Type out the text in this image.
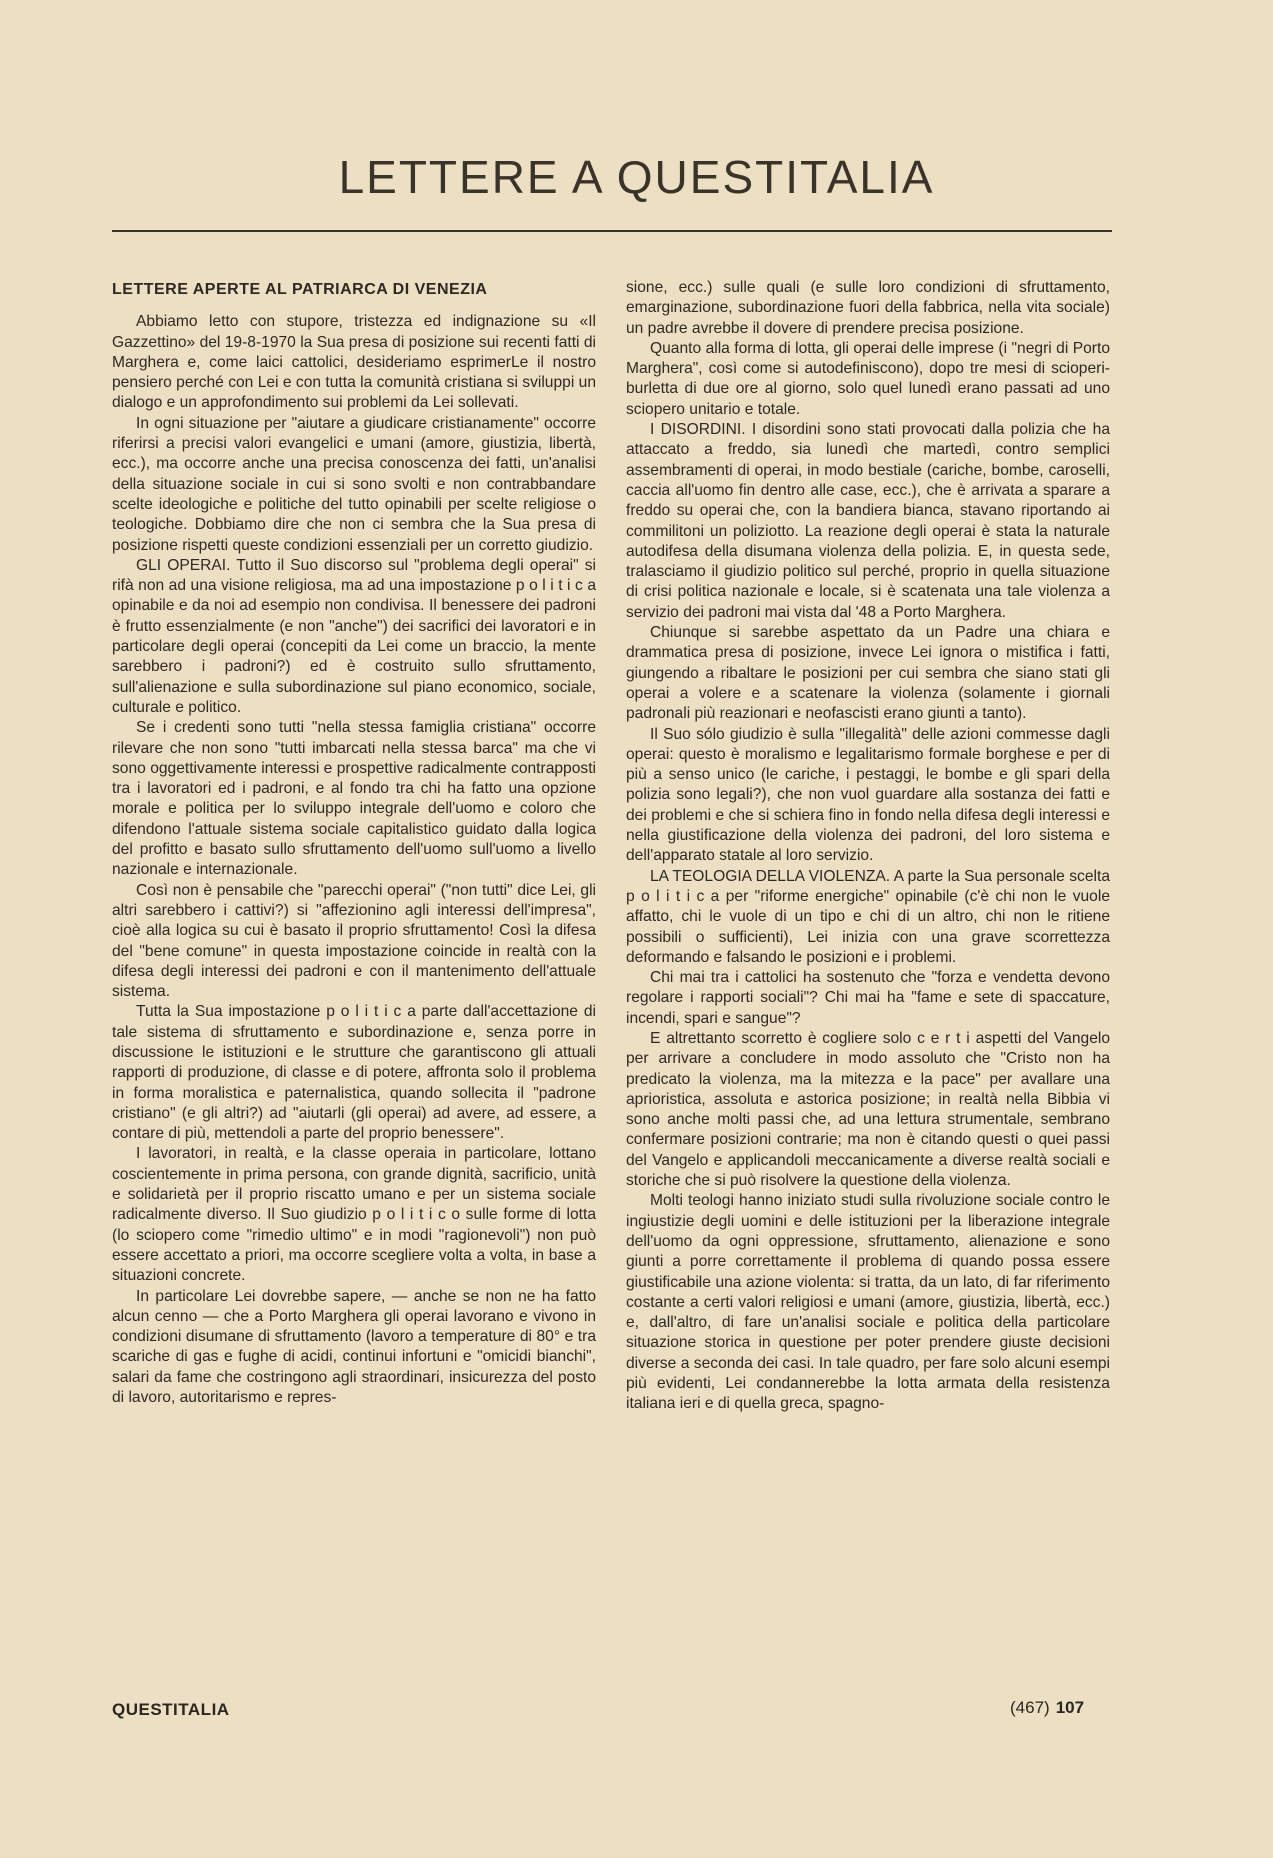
LETTERE A QUESTITALIA
LETTERE APERTE AL PATRIARCA DI VENEZIA

Abbiamo letto con stupore, tristezza ed indignazione su «Il Gazzettino» del 19-8-1970 la Sua presa di posizione sui recenti fatti di Marghera e, come laici cattolici, desideriamo esprimerLe il nostro pensiero perché con Lei e con tutta la comunità cristiana si sviluppi un dialogo e un approfondimento sui problemi da Lei sollevati.

In ogni situazione per "aiutare a giudicare cristianamente" occorre riferirsi a precisi valori evangelici e umani (amore, giustizia, libertà, ecc.), ma occorre anche una precisa conoscenza dei fatti, un'analisi della situazione sociale in cui si sono svolti e non contrabbandare scelte ideologiche e politiche del tutto opinabili per scelte religiose o teologiche. Dobbiamo dire che non ci sembra che la Sua presa di posizione rispetti queste condizioni essenziali per un corretto giudizio.

GLI OPERAI. Tutto il Suo discorso sul "problema degli operai" si rifà non ad una visione religiosa, ma ad una impostazione p o l i t i c a opinabile e da noi ad esempio non condivisa. Il benessere dei padroni è frutto essenzialmente (e non "anche") dei sacrifici dei lavoratori e in particolare degli operai (concepiti da Lei come un braccio, la mente sarebbero i padroni?) ed è costruito sullo sfruttamento, sull'alienazione e sulla subordinazione sul piano economico, sociale, culturale e politico.

Se i credenti sono tutti "nella stessa famiglia cristiana" occorre rilevare che non sono "tutti imbarcati nella stessa barca" ma che vi sono oggettivamente interessi e prospettive radicalmente contrapposti tra i lavoratori ed i padroni, e al fondo tra chi ha fatto una opzione morale e politica per lo sviluppo integrale dell'uomo e coloro che difendono l'attuale sistema sociale capitalistico guidato dalla logica del profitto e basato sullo sfruttamento dell'uomo sull'uomo a livello nazionale e internazionale.

Così non è pensabile che "parecchi operai" ("non tutti" dice Lei, gli altri sarebbero i cattivi?) si "affezionino agli interessi dell'impresa", cioè alla logica su cui è basato il proprio sfruttamento! Così la difesa del "bene comune" in questa impostazione coincide in realtà con la difesa degli interessi dei padroni e con il mantenimento dell'attuale sistema.

Tutta la Sua impostazione p o l i t i c a parte dall'accettazione di tale sistema di sfruttamento e subordinazione e, senza porre in discussione le istituzioni e le strutture che garantiscono gli attuali rapporti di produzione, di classe e di potere, affronta solo il problema in forma moralistica e paternalistica, quando sollecita il "padrone cristiano" (e gli altri?) ad "aiutarli (gli operai) ad avere, ad essere, a contare di più, mettendoli a parte del proprio benessere".

I lavoratori, in realtà, e la classe operaia in particolare, lottano coscientemente in prima persona, con grande dignità, sacrificio, unità e solidarietà per il proprio riscatto umano e per un sistema sociale radicalmente diverso. Il Suo giudizio p o l i t i c o sulle forme di lotta (lo sciopero come "rimedio ultimo" e in modi "ragionevoli") non può essere accettato a priori, ma occorre scegliere volta a volta, in base a situazioni concrete.

In particolare Lei dovrebbe sapere, — anche se non ne ha fatto alcun cenno — che a Porto Marghera gli operai lavorano e vivono in condizioni disumane di sfruttamento (lavoro a temperature di 80° e tra scariche di gas e fughe di acidi, continui infortuni e "omicidi bianchi", salari da fame che costringono agli straordinari, insicurezza del posto di lavoro, autoritarismo e repres-

sione, ecc.) sulle quali (e sulle loro condizioni di sfruttamento, emarginazione, subordinazione fuori della fabbrica, nella vita sociale) un padre avrebbe il dovere di prendere precisa posizione.

Quanto alla forma di lotta, gli operai delle imprese (i "negri di Porto Marghera", così come si autodefiniscono), dopo tre mesi di scioperi-burletta di due ore al giorno, solo quel lunedì erano passati ad uno sciopero unitario e totale.

I DISORDINI. I disordini sono stati provocati dalla polizia che ha attaccato a freddo, sia lunedì che martedì, contro semplici assembramenti di operai, in modo bestiale (cariche, bombe, caroselli, caccia all'uomo fin dentro alle case, ecc.), che è arrivata a sparare a freddo su operai che, con la bandiera bianca, stavano riportando ai commilitoni un poliziotto. La reazione degli operai è stata la naturale autodifesa della disumana violenza della polizia. E, in questa sede, tralasciamo il giudizio politico sul perché, proprio in quella situazione di crisi politica nazionale e locale, si è scatenata una tale violenza a servizio dei padroni mai vista dal '48 a Porto Marghera.

Chiunque si sarebbe aspettato da un Padre una chiara e drammatica presa di posizione, invece Lei ignora o mistifica i fatti, giungendo a ribaltare le posizioni per cui sembra che siano stati gli operai a volere e a scatenare la violenza (solamente i giornali padronali più reazionari e neofascisti erano giunti a tanto).

Il Suo sólo giudizio è sulla "illegalità" delle azioni commesse dagli operai: questo è moralismo e legalitarismo formale borghese e per di più a senso unico (le cariche, i pestaggi, le bombe e gli spari della polizia sono legali?), che non vuol guardare alla sostanza dei fatti e dei problemi e che si schiera fino in fondo nella difesa degli interessi e nella giustificazione della violenza dei padroni, del loro sistema e dell'apparato statale al loro servizio.

LA TEOLOGIA DELLA VIOLENZA. A parte la Sua personale scelta p o l i t i c a per "riforme energiche" opinabile (c'è chi non le vuole affatto, chi le vuole di un tipo e chi di un altro, chi non le ritiene possibili o sufficienti), Lei inizia con una grave scorrettezza deformando e falsando le posizioni e i problemi.

Chi mai tra i cattolici ha sostenuto che "forza e vendetta devono regolare i rapporti sociali"? Chi mai ha "fame e sete di spaccature, incendi, spari e sangue"?

E altrettanto scorretto è cogliere solo c e r t i aspetti del Vangelo per arrivare a concludere in modo assoluto che "Cristo non ha predicato la violenza, ma la mitezza e la pace" per avallare una aprioristica, assoluta e astorica posizione; in realtà nella Bibbia vi sono anche molti passi che, ad una lettura strumentale, sembrano confermare posizioni contrarie; ma non è citando questi o quei passi del Vangelo e applicandoli meccanicamente a diverse realtà sociali e storiche che si può risolvere la questione della violenza.

Molti teologi hanno iniziato studi sulla rivoluzione sociale contro le ingiustizie degli uomini e delle istituzioni per la liberazione integrale dell'uomo da ogni oppressione, sfruttamento, alienazione e sono giunti a porre correttamente il problema di quando possa essere giustificabile una azione violenta: si tratta, da un lato, di far riferimento costante a certi valori religiosi e umani (amore, giustizia, libertà, ecc.) e, dall'altro, di fare un'analisi sociale e politica della particolare situazione storica in questione per poter prendere giuste decisioni diverse a seconda dei casi. In tale quadro, per fare solo alcuni esempi più evidenti, Lei condannerebbe la lotta armata della resistenza italiana ieri e di quella greca, spagno-

QUESTITALIA	(467) 107
